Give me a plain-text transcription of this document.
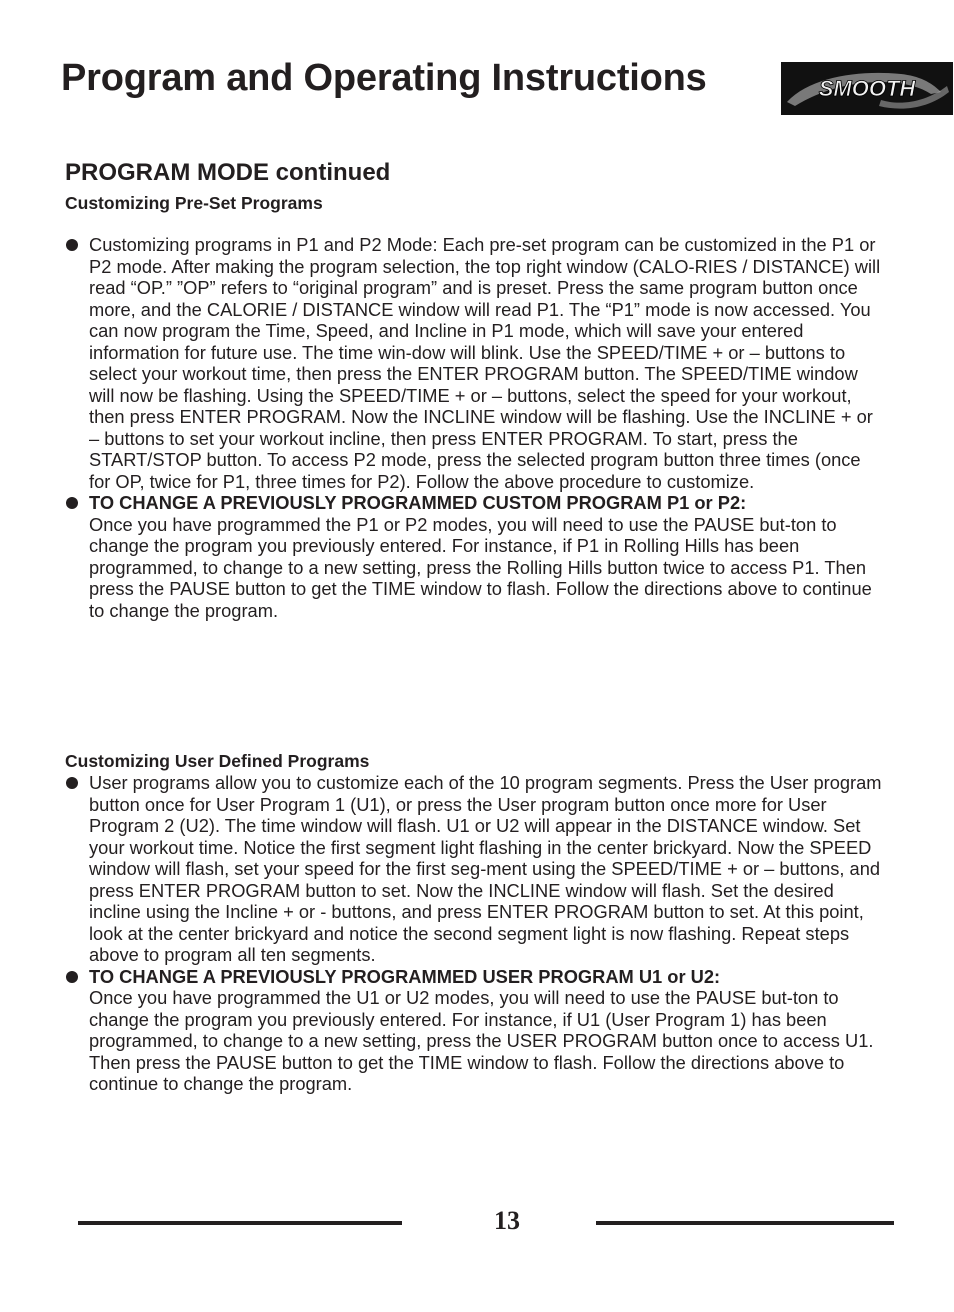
Program and Operating Instructions	SMOOTH
PROGRAM MODE continued
Customizing Pre-Set Programs
Customizing programs in P1 and P2 Mode: Each pre-set program can be customized in the P1 or P2 mode. After making the program selection, the top right window (CALO-RIES / DISTANCE) will read “OP.” ”OP” refers to “original program” and is preset. Press the same program button once more, and the CALORIE / DISTANCE window will read P1. The “P1” mode is now accessed. You can now program the Time, Speed, and Incline in P1 mode, which will save your entered information for future use. The time win-dow will blink. Use the SPEED/TIME + or – buttons to select your workout time, then press the ENTER PROGRAM button. The SPEED/TIME window will now be flashing. Using the SPEED/TIME + or – buttons, select the speed for your workout, then press ENTER PROGRAM. Now the INCLINE window will be flashing. Use the INCLINE + or – buttons to set your workout incline, then press ENTER PROGRAM. To start, press the START/STOP button. To access P2 mode, press the selected program button three times (once for OP, twice for P1, three times for P2). Follow the above procedure to customize.
TO CHANGE A PREVIOUSLY PROGRAMMED CUSTOM PROGRAM P1 or P2:
Once you have programmed the P1 or P2 modes, you will need to use the PAUSE but-ton to change the program you previously entered. For instance, if P1 in Rolling Hills has been programmed, to change to a new setting, press the Rolling Hills button twice to access P1. Then press the PAUSE button to get the TIME window to flash. Follow the directions above to continue to change the program.
Customizing User Defined Programs
User programs allow you to customize each of the 10 program segments. Press the User program button once for User Program 1 (U1), or press the User program button once more for User Program 2 (U2). The time window will flash. U1 or U2 will appear in the DISTANCE window. Set your workout time. Notice the first segment light flashing in the center brickyard. Now the SPEED window will flash, set your speed for the first seg-ment using the SPEED/TIME + or – buttons, and press ENTER PROGRAM button to set. Now the INCLINE window will flash. Set the desired incline using the Incline + or - buttons, and press ENTER PROGRAM button to set. At this point, look at the center brickyard and notice the second segment light is now flashing. Repeat steps above to program all ten segments.
TO CHANGE A PREVIOUSLY PROGRAMMED USER PROGRAM U1 or U2:
Once you have programmed the U1 or U2 modes, you will need to use the PAUSE but-ton to change the program you previously entered. For instance, if U1 (User Program 1) has been programmed, to change to a new setting, press the USER PROGRAM button once to access U1. Then press the PAUSE button to get the TIME window to flash. Follow the directions above to continue to change the program.
13
